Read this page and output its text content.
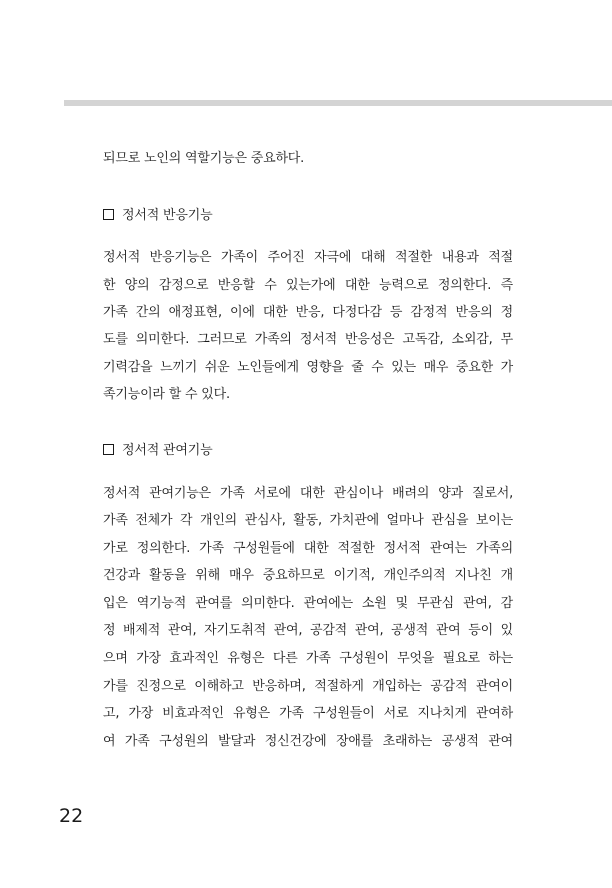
되므로 노인의 역할기능은 중요하다.
정서적 반응기능
정서적 반응기능은 가족이 주어진 자극에 대해 적절한 내용과 적절
한 양의 감정으로 반응할 수 있는가에 대한 능력으로 정의한다. 즉
가족 간의 애정표현, 이에 대한 반응, 다정다감 등 감정적 반응의 정
도를 의미한다. 그러므로 가족의 정서적 반응성은 고독감, 소외감, 무
기력감을 느끼기 쉬운 노인들에게 영향을 줄 수 있는 매우 중요한 가
족기능이라 할 수 있다.
정서적 관여기능
정서적 관여기능은 가족 서로에 대한 관심이나 배려의 양과 질로서,
가족 전체가 각 개인의 관심사, 활동, 가치관에 얼마나 관심을 보이는
가로 정의한다. 가족 구성원들에 대한 적절한 정서적 관여는 가족의
건강과 활동을 위해 매우 중요하므로 이기적, 개인주의적 지나친 개
입은 역기능적 관여를 의미한다. 관여에는 소원 및 무관심 관여, 감
정 배제적 관여, 자기도취적 관여, 공감적 관여, 공생적 관여 등이 있
으며 가장 효과적인 유형은 다른 가족 구성원이 무엇을 필요로 하는
가를 진정으로 이해하고 반응하며, 적절하게 개입하는 공감적 관여이
고, 가장 비효과적인 유형은 가족 구성원들이 서로 지나치게 관여하
여 가족 구성원의 발달과 정신건강에 장애를 초래하는 공생적 관여
22
